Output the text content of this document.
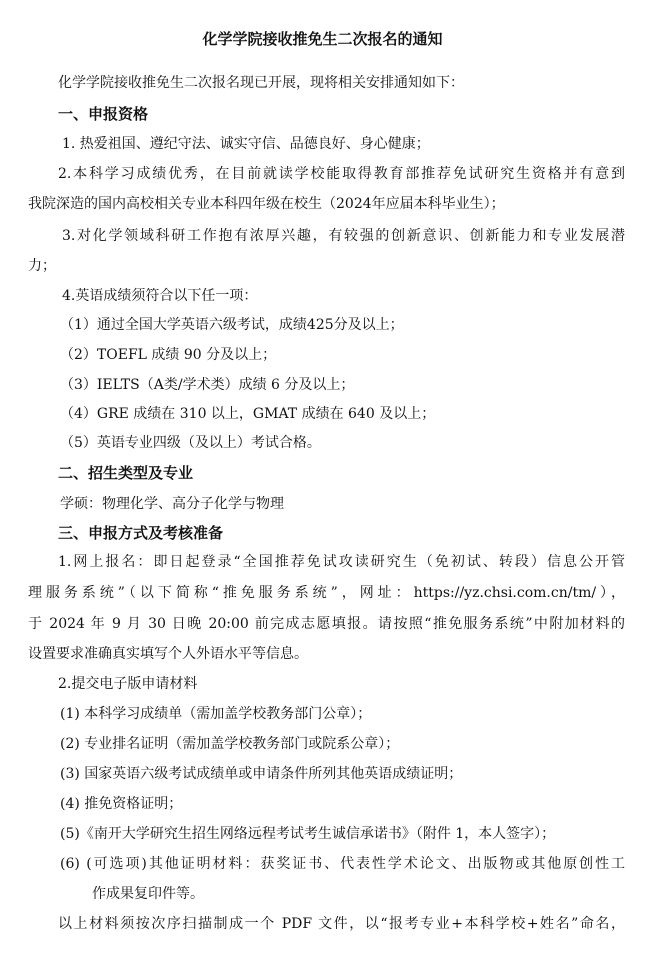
化学学院接收推免生二次报名的通知
化学学院接收推免生二次报名现已开展，现将相关安排通知如下：
一、申报资格
1. 热爱祖国、遵纪守法、诚实守信、品德良好、身心健康；
2.本科学习成绩优秀，在目前就读学校能取得教育部推荐免试研究生资格并有意到
我院深造的国内高校相关专业本科四年级在校生（2024年应届本科毕业生）；
3.对化学领域科研工作抱有浓厚兴趣，有较强的创新意识、创新能力和专业发展潜
力；
4.英语成绩须符合以下任一项：
（1）通过全国大学英语六级考试，成绩425分及以上；
（2）TOEFL 成绩 90 分及以上；
（3）IELTS（A类/学术类）成绩 6 分及以上；
（4）GRE 成绩在 310 以上，GMAT 成绩在 640 及以上；
（5）英语专业四级（及以上）考试合格。
二、招生类型及专业
学硕：物理化学、高分子化学与物理
三、申报方式及考核准备
1.网上报名：即日起登录“全国推荐免试攻读研究生（免初试、转段）信息公开管
理服务系统”（以下简称“推免服务系统”，网址：https://yz.chsi.com.cn/tm/），
于 2024 年 9 月 30 日晚 20:00 前完成志愿填报。请按照“推免服务系统”中附加材料的
设置要求准确真实填写个人外语水平等信息。
2.提交电子版申请材料
(1) 本科学习成绩单（需加盖学校教务部门公章）；
(2) 专业排名证明（需加盖学校教务部门或院系公章）；
(3) 国家英语六级考试成绩单或申请条件所列其他英语成绩证明；
(4) 推免资格证明；
(5)《南开大学研究生招生网络远程考试考生诚信承诺书》（附件 1，本人签字）；
(6) (可选项)其他证明材料：获奖证书、代表性学术论文、出版物或其他原创性工
作成果复印件等。
以上材料须按次序扫描制成一个 PDF 文件，以“报考专业+本科学校+姓名”命名，
